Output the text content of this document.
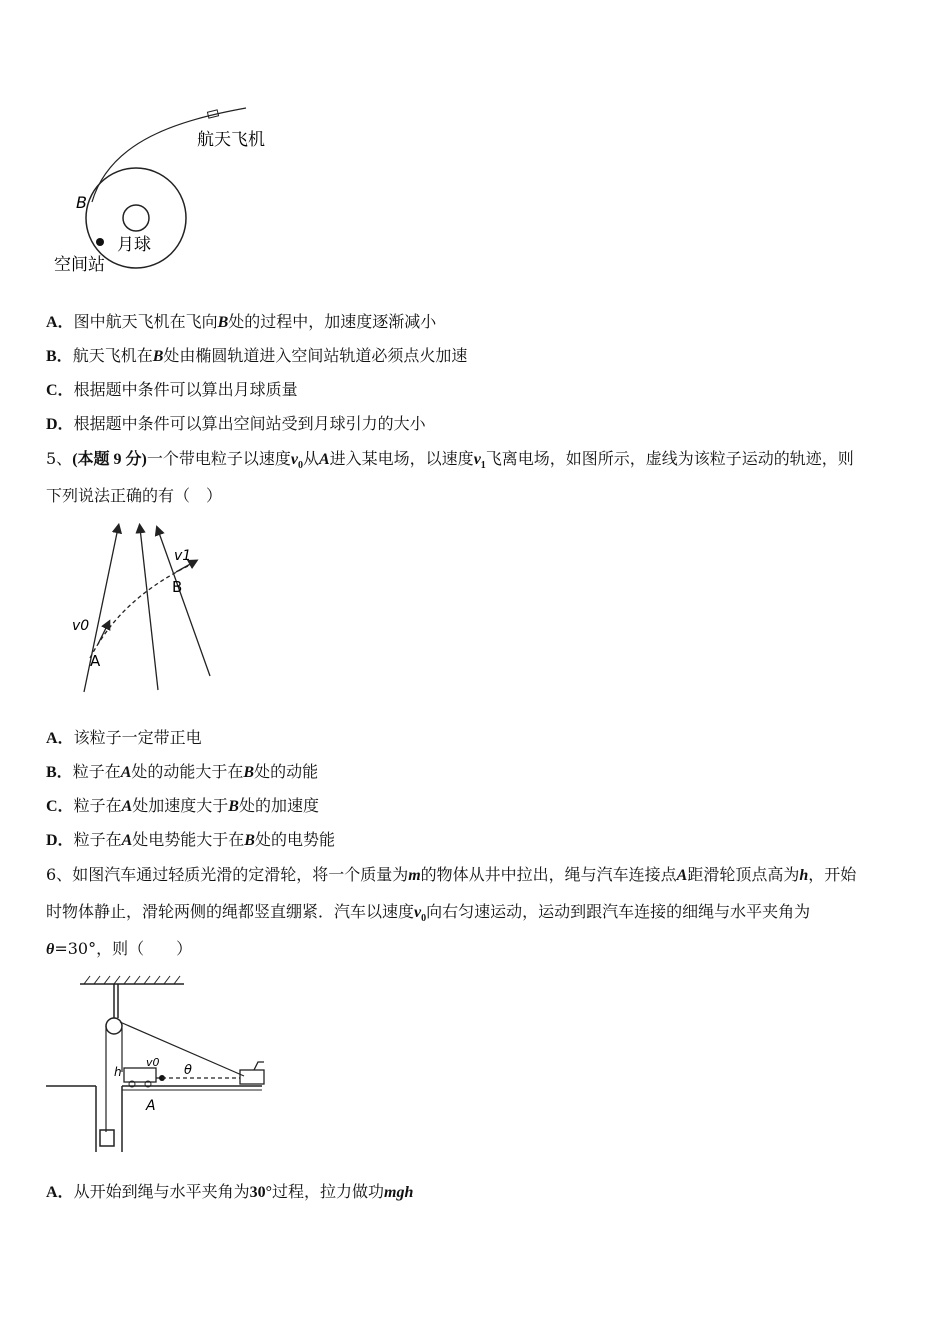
航天飞机
B
月球
空间站
A．图中航天飞机在飞向B处的过程中，加速度逐渐减小
B．航天飞机在B处由椭圆轨道进入空间站轨道必须点火加速
C．根据题中条件可以算出月球质量
D．根据题中条件可以算出空间站受到月球引力的大小
5、(本题 9 分)一个带电粒子以速度$v_0$从A进入某电场，以速度$v_1$飞离电场，如图所示，虚线为该粒子运动的轨迹，则
下列说法正确的有（　）
v1
B
v0
A
A．该粒子一定带正电
B．粒子在A处的动能大于在B处的动能
C．粒子在A处加速度大于B处的加速度
D．粒子在A处电势能大于在B处的电势能
6、如图汽车通过轻质光滑的定滑轮，将一个质量为m的物体从井中拉出，绳与汽车连接点A距滑轮顶点高为h，开始
时物体静止，滑轮两侧的绳都竖直绷紧．汽车以速度$v_0$向右匀速运动，运动到跟汽车连接的细绳与水平夹角为
θ=30°，则（　　）
h
v0
θ
A
A．从开始到绳与水平夹角为30°过程，拉力做功mgh
